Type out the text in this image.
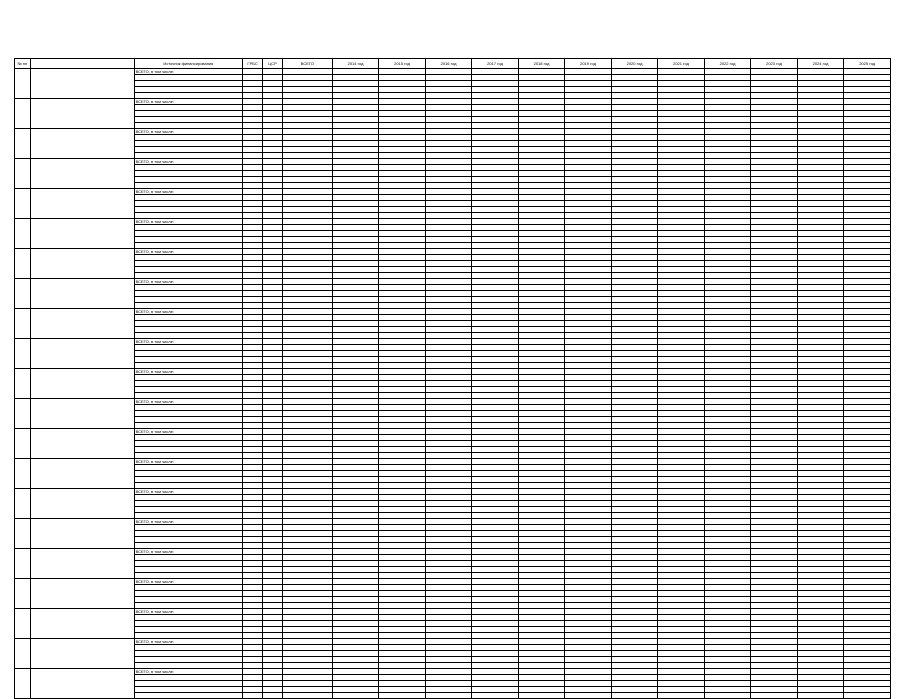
№ пп		Источник финансирования	ГРБС	ЦСР	ВСЕГО	2014 год	2015 год	2016 год	2017 год	2018 год	2019 год	2020 год	2021 год	2022 год	2023 год	2024 год	2025 год
		ВСЕГО, в том числе:															

		ВСЕГО, в том числе:															

		ВСЕГО, в том числе:															

		ВСЕГО, в том числе:															

		ВСЕГО, в том числе:															

		ВСЕГО, в том числе:															

		ВСЕГО, в том числе:															

		ВСЕГО, в том числе:															

		ВСЕГО, в том числе:															

		ВСЕГО, в том числе:															

		ВСЕГО, в том числе:															

		ВСЕГО, в том числе:															

		ВСЕГО, в том числе:															

		ВСЕГО, в том числе:															

		ВСЕГО, в том числе:															

		ВСЕГО, в том числе:															

		ВСЕГО, в том числе:															

		ВСЕГО, в том числе:															

		ВСЕГО, в том числе:															

		ВСЕГО, в том числе:															

		ВСЕГО, в том числе:															
